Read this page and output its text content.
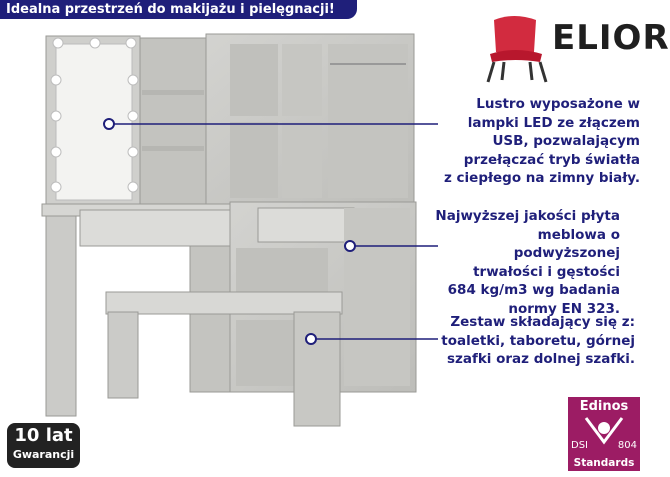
Idealna przestrzeń do makijażu i pielęgnacji!
ELIOR
Lustro wyposażone w
lampki LED ze złączem
USB, pozwalającym
przełączać tryb światła
z ciepłego na zimny biały.
Najwyższej jakości płyta
meblowa o podwyższonej
trwałości i gęstości
684 kg/m3 wg badania
normy EN 323.
Zestaw składający się z:
toaletki, taboretu, górnej
szafki oraz dolnej szafki.
10 lat
Gwarancji
Edinos
DSI	804
Standards
